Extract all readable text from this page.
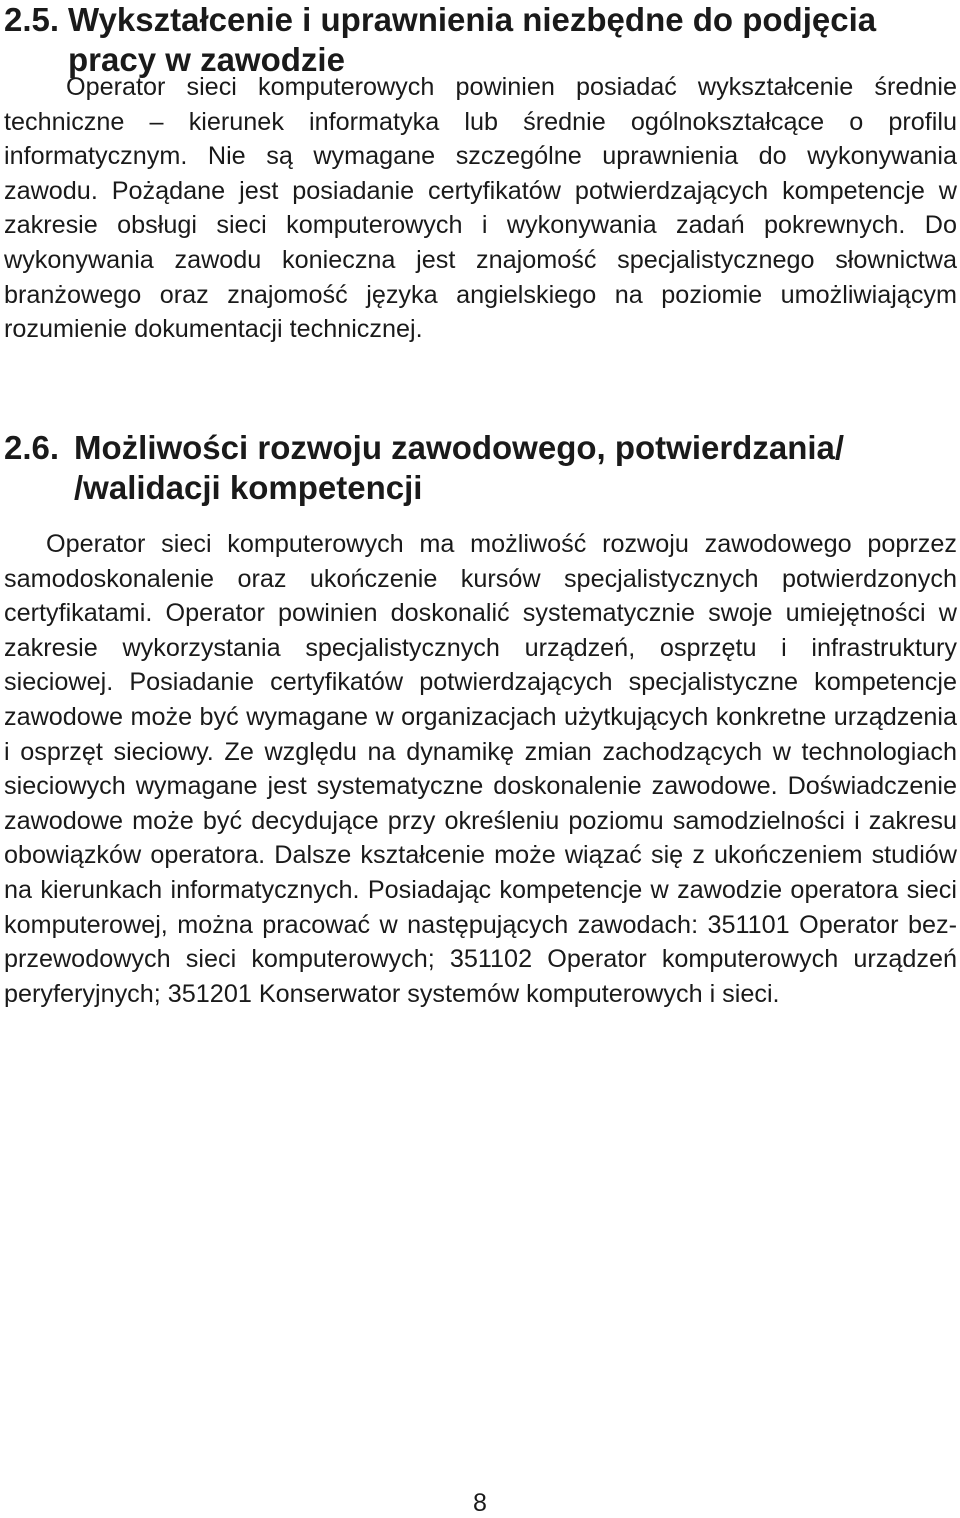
2.5. Wykształcenie i uprawnienia niezbędne do podjęcia
pracy w zawodzie

Operator sieci komputerowych powinien posiadać wykształcenie średnie techniczne – kierunek informatyka lub średnie ogólnokształcące o profilu informatycznym. Nie są wymagane szczególne uprawnienia do wykonywania zawodu. Pożądane jest posiadanie certyfikatów potwierdzających kompetencje w zakresie obsługi sieci komputerowych i wykonywania zadań pokrewnych. Do wykonywania zawodu konieczna jest znajomość specjalistycznego słownictwa branżowego oraz znajomość języka angielskiego na poziomie umożliwiającym rozumienie dokumentacji technicznej.

2.6. Możliwości rozwoju zawodowego, potwierdzania/
/walidacji kompetencji

Operator sieci komputerowych ma możliwość rozwoju zawodowego poprzez samodoskonalenie oraz ukończenie kursów specjalistycznych potwierdzonych certyfikatami. Operator powinien doskonalić systematycznie swoje umiejętności w zakresie wykorzystania specjalistycznych urządzeń, osprzętu i infrastruktury sieciowej. Posiadanie certyfikatów potwierdzających specjalistyczne kompetencje zawodowe może być wymagane w organizacjach użytkujących konkretne urządzenia i osprzęt sieciowy. Ze względu na dynamikę zmian zachodzących w technologiach sieciowych wymagane jest systematyczne doskonalenie zawodowe. Doświadczenie zawodowe może być decydujące przy określeniu poziomu samodzielności i zakresu obowiązków operatora. Dalsze kształcenie może wiązać się z ukończeniem studiów na kierunkach informatycznych. Posiadając kompetencje w zawodzie operatora sieci komputerowej, można pracować w następujących zawodach: 351101 Operator bezprzewodowych sieci komputerowych; 351102 Operator komputerowych urządzeń peryferyjnych; 351201 Konserwator systemów komputerowych i sieci.

8
